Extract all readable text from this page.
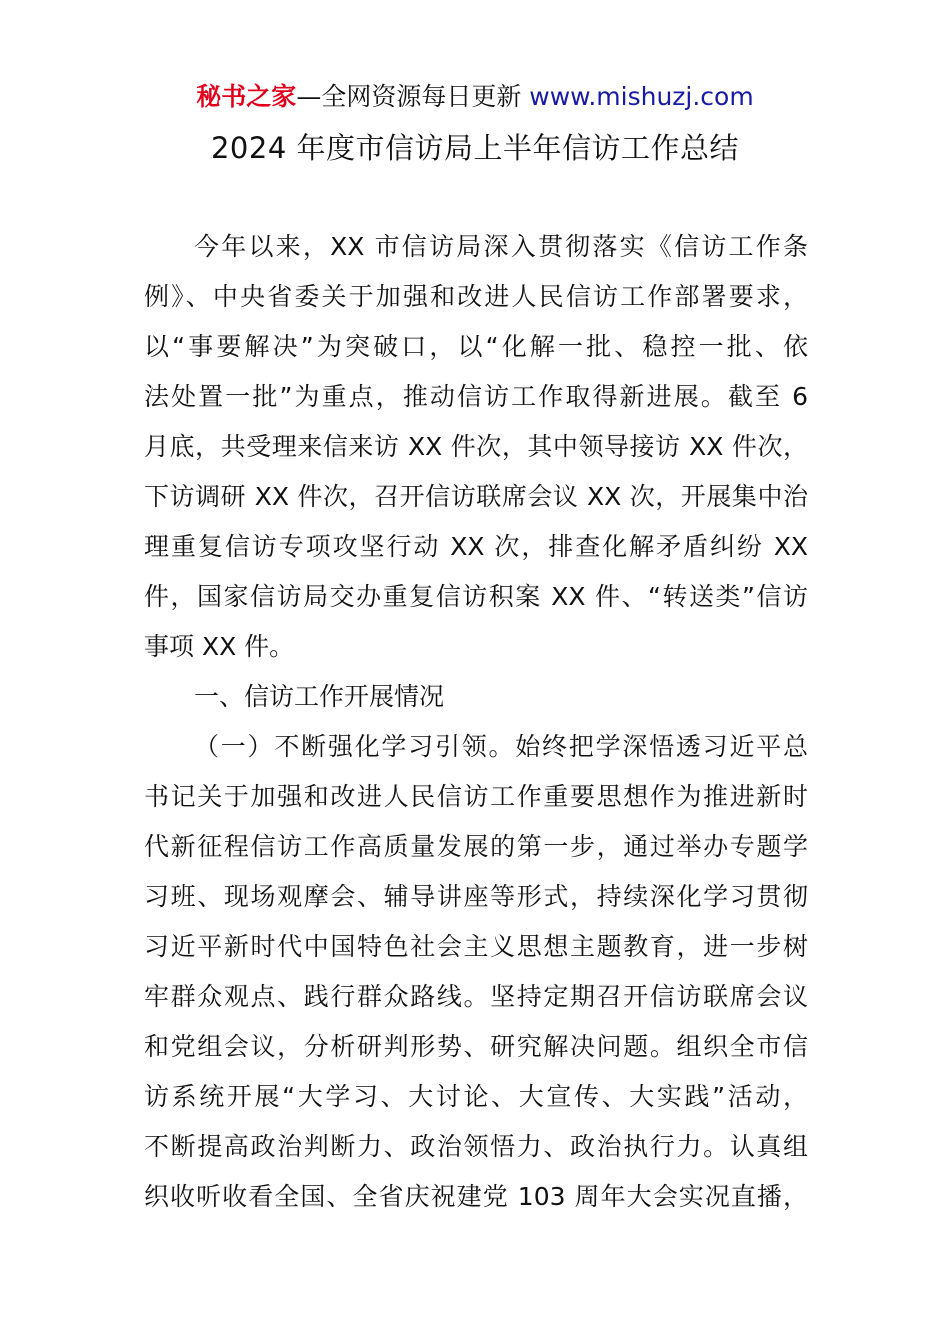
秘书之家—全网资源每日更新 www.mishuzj.com
2024 年度市信访局上半年信访工作总结
今年以来，XX 市信访局深入贯彻落实《信访工作条
例》、中央省委关于加强和改进人民信访工作部署要求，
以“事要解决”为突破口，以“化解一批、稳控一批、依
法处置一批”为重点，推动信访工作取得新进展。截至 6
月底，共受理来信来访 XX 件次，其中领导接访 XX 件次，
下访调研 XX 件次，召开信访联席会议 XX 次，开展集中治
理重复信访专项攻坚行动 XX 次，排查化解矛盾纠纷 XX
件，国家信访局交办重复信访积案 XX 件、“转送类”信访
事项 XX 件。
一、信访工作开展情况
（一）不断强化学习引领。始终把学深悟透习近平总
书记关于加强和改进人民信访工作重要思想作为推进新时
代新征程信访工作高质量发展的第一步，通过举办专题学
习班、现场观摩会、辅导讲座等形式，持续深化学习贯彻
习近平新时代中国特色社会主义思想主题教育，进一步树
牢群众观点、践行群众路线。坚持定期召开信访联席会议
和党组会议，分析研判形势、研究解决问题。组织全市信
访系统开展“大学习、大讨论、大宣传、大实践”活动，
不断提高政治判断力、政治领悟力、政治执行力。认真组
织收听收看全国、全省庆祝建党 103 周年大会实况直播，
